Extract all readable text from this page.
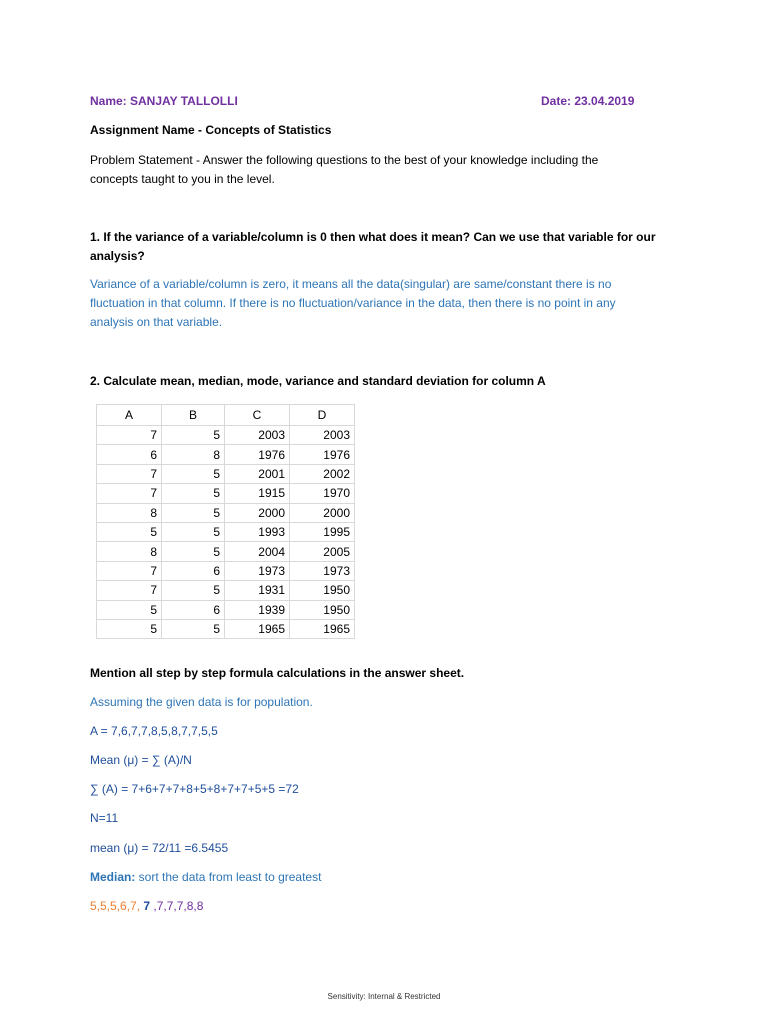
Name: SANJAY TALLOLLI	Date: 23.04.2019
Assignment Name - Concepts of Statistics
Problem Statement - Answer the following questions to the best of your knowledge including the
concepts taught to you in the level.
1. If the variance of a variable/column is 0 then what does it mean? Can we use that variable for our
analysis?
Variance of a variable/column is zero, it means all the data(singular) are same/constant there is no
fluctuation in that column. If there is no fluctuation/variance in the data, then there is no point in any
analysis on that variable.
2. Calculate mean, median, mode, variance and standard deviation for column A
A	B	C	D
7	5	2003	2003
6	8	1976	1976
7	5	2001	2002
7	5	1915	1970
8	5	2000	2000
5	5	1993	1995
8	5	2004	2005
7	6	1973	1973
7	5	1931	1950
5	6	1939	1950
5	5	1965	1965
Mention all step by step formula calculations in the answer sheet.
Assuming the given data is for population.
A = 7,6,7,7,8,5,8,7,7,5,5
Mean (μ) = ∑ (A)/N
∑ (A) = 7+6+7+7+8+5+8+7+7+5+5 =72
N=11
mean (μ) = 72/11 =6.5455
Median: sort the data from least to greatest
5,5,5,6,7, 7 ,7,7,7,8,8
Sensitivity: Internal & Restricted
